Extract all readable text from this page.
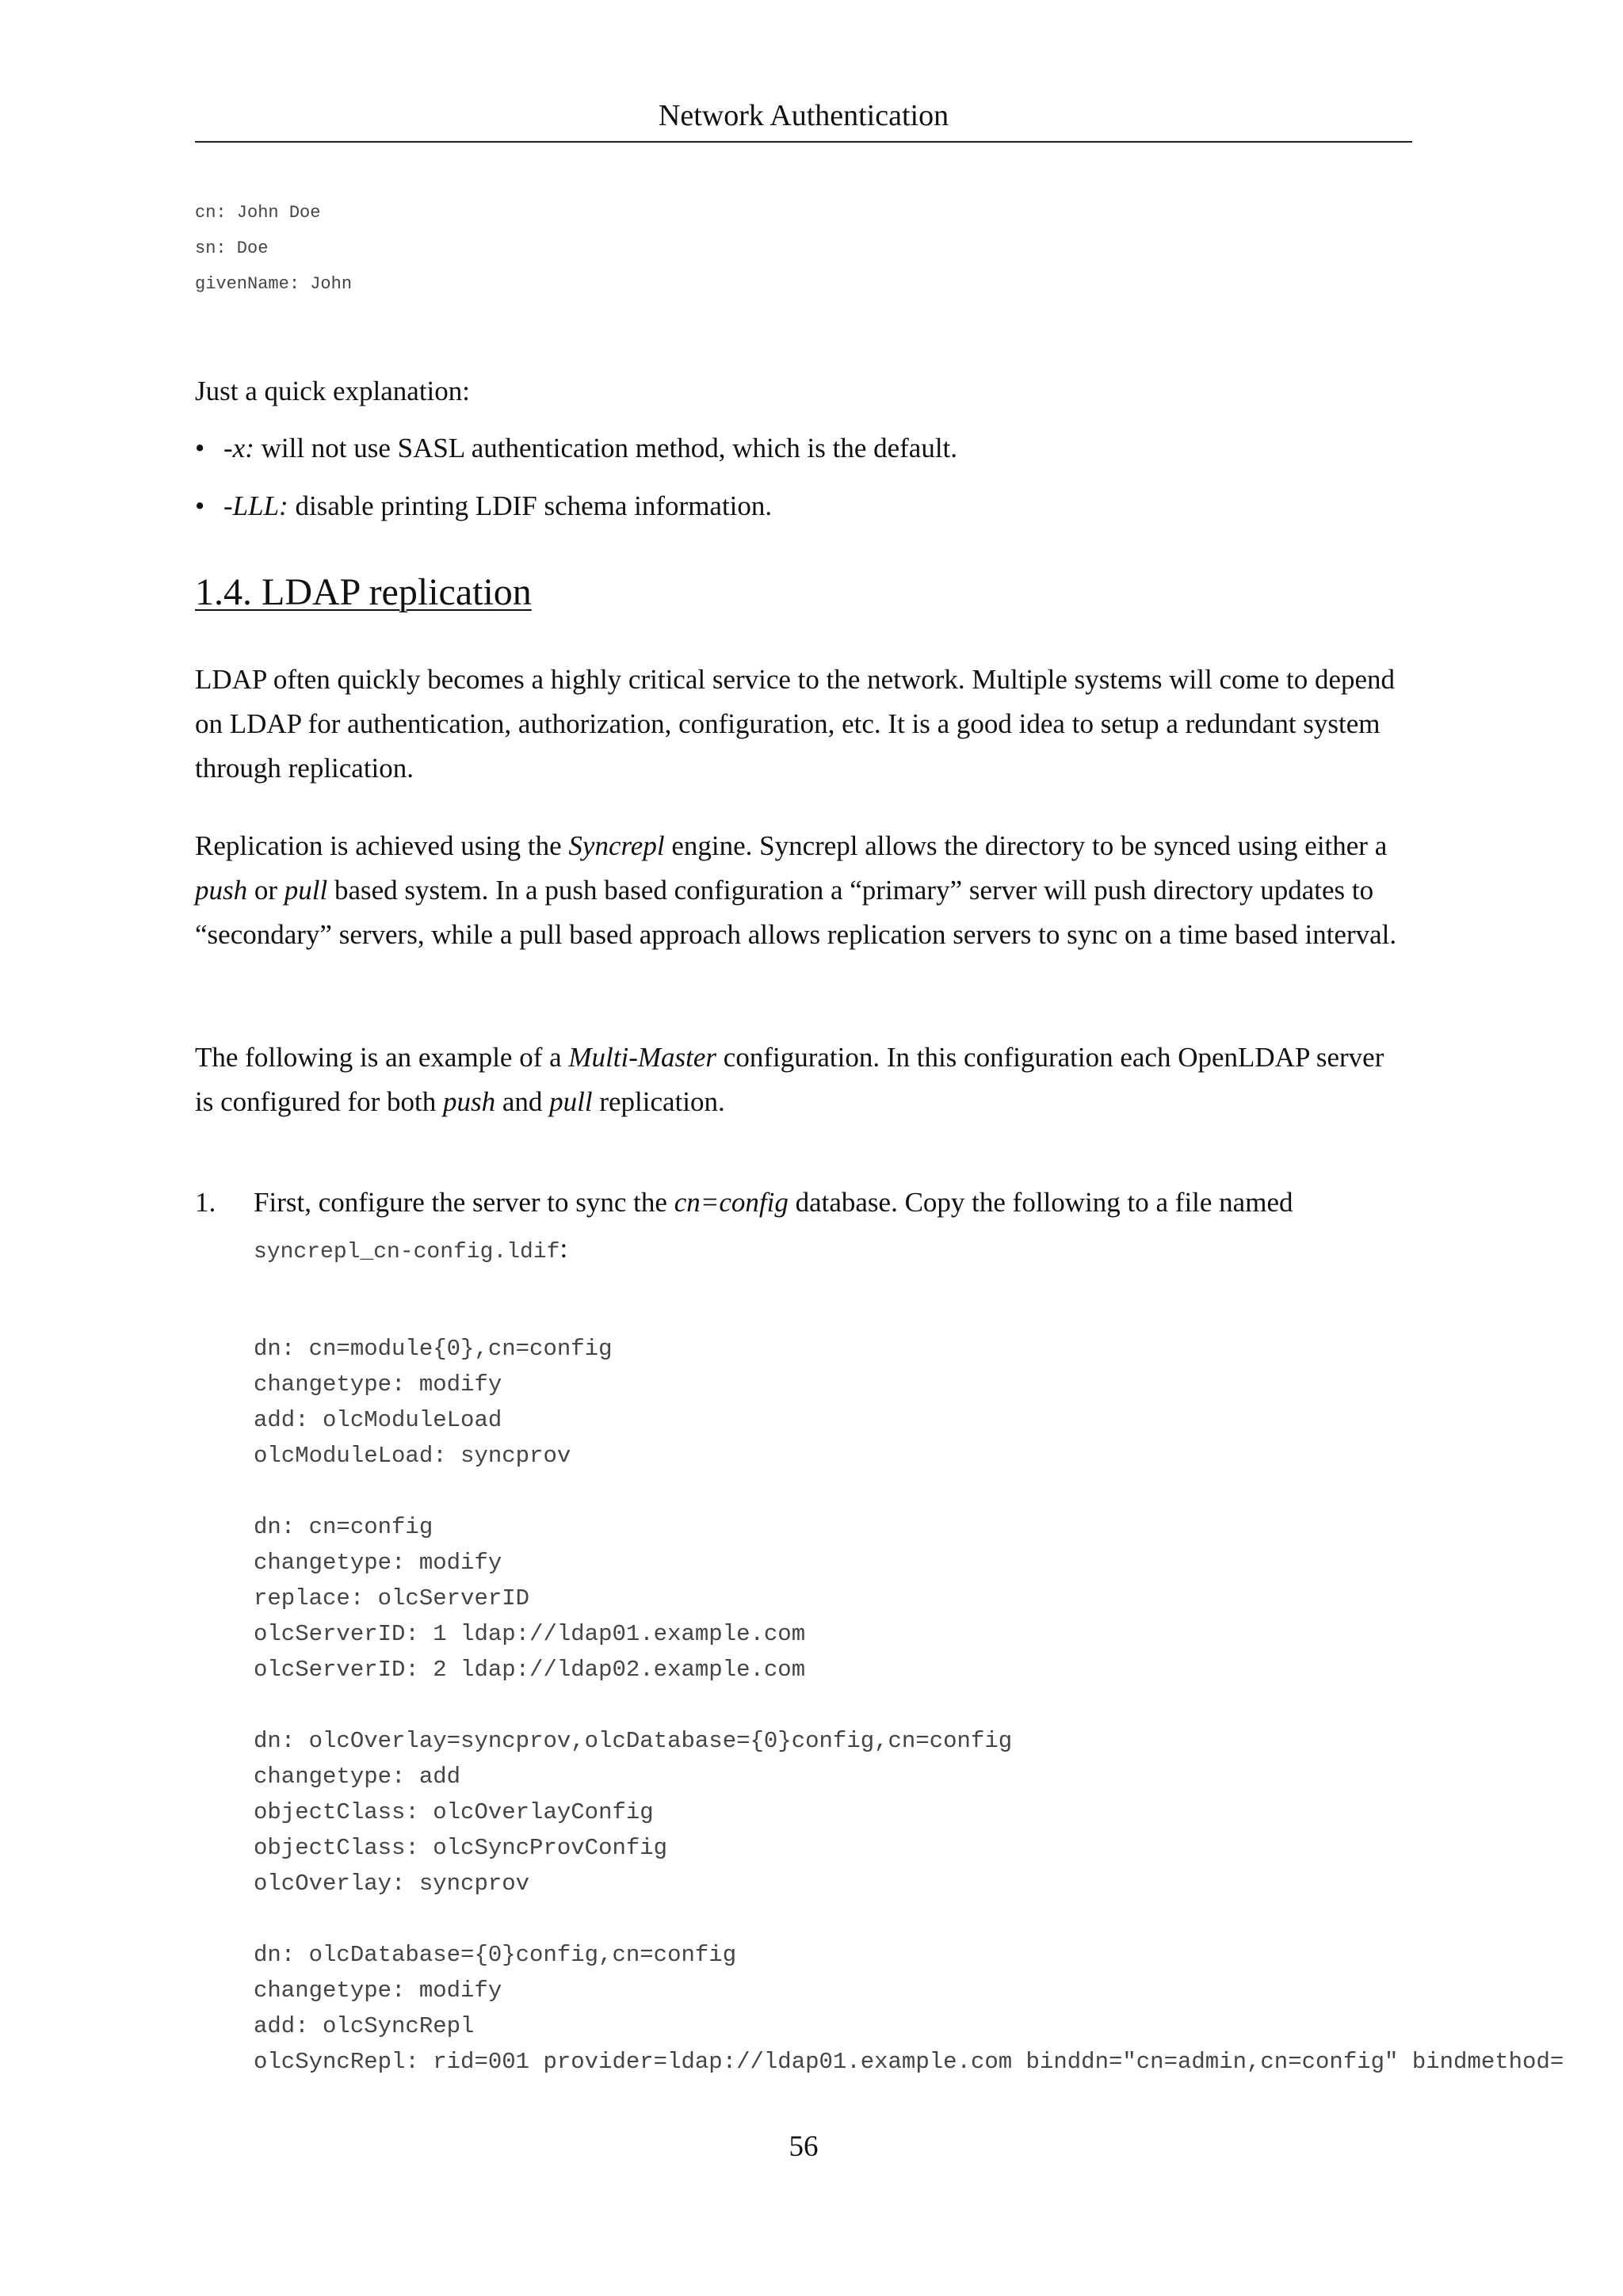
Network Authentication
cn: John Doe
sn: Doe
givenName: John
Just a quick explanation:
• -x: will not use SASL authentication method, which is the default.
• -LLL: disable printing LDIF schema information.
1.4. LDAP replication

LDAP often quickly becomes a highly critical service to the network. Multiple systems will come to depend on LDAP for authentication, authorization, configuration, etc. It is a good idea to setup a redundant system through replication.

Replication is achieved using the Syncrepl engine. Syncrepl allows the directory to be synced using either a push or pull based system. In a push based configuration a “primary” server will push directory updates to “secondary” servers, while a pull based approach allows replication servers to sync on a time based interval.

The following is an example of a Multi-Master configuration. In this configuration each OpenLDAP server is configured for both push and pull replication.

1. First, configure the server to sync the cn=config database. Copy the following to a file named
syncrepl_cn-config.ldif:
dn: cn=module{0},cn=config
changetype: modify
add: olcModuleLoad
olcModuleLoad: syncprov
dn: cn=config
changetype: modify
replace: olcServerID
olcServerID: 1 ldap://ldap01.example.com
olcServerID: 2 ldap://ldap02.example.com
dn: olcOverlay=syncprov,olcDatabase={0}config,cn=config
changetype: add
objectClass: olcOverlayConfig
objectClass: olcSyncProvConfig
olcOverlay: syncprov
dn: olcDatabase={0}config,cn=config
changetype: modify
add: olcSyncRepl
olcSyncRepl: rid=001 provider=ldap://ldap01.example.com binddn="cn=admin,cn=config" bindmethod=
56
